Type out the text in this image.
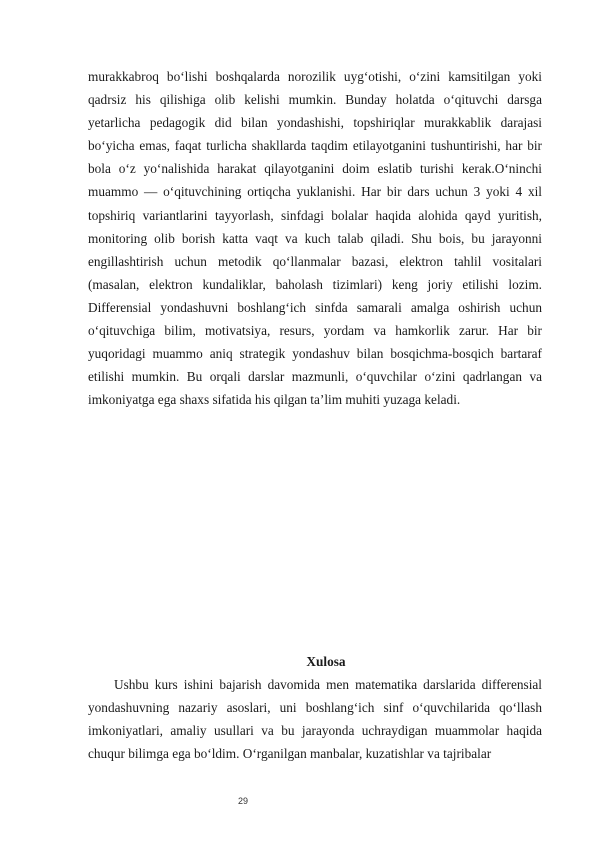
murakkabroq bo‘lishi boshqalarda norozilik uyg‘otishi, o‘zini kamsitilgan yoki qadrsiz his qilishiga olib kelishi mumkin. Bunday holatda o‘qituvchi darsga yetarlicha pedagogik did bilan yondashishi, topshiriqlar murakkablik darajasi bo‘yicha emas, faqat turlicha shakllarda taqdim etilayotganini tushuntirishi, har bir bola o‘z yo‘nalishida harakat qilayotganini doim eslatib turishi kerak.O‘ninchi muammo — o‘qituvchining ortiqcha yuklanishi. Har bir dars uchun 3 yoki 4 xil topshiriq variantlarini tayyorlash, sinfdagi bolalar haqida alohida qayd yuritish, monitoring olib borish katta vaqt va kuch talab qiladi. Shu bois, bu jarayonni engillashtirish uchun metodik qo‘llanmalar bazasi, elektron tahlil vositalari (masalan, elektron kundaliklar, baholash tizimlari) keng joriy etilishi lozim. Differensial yondashuvni boshlang‘ich sinfda samarali amalga oshirish uchun o‘qituvchiga bilim, motivatsiya, resurs, yordam va hamkorlik zarur. Har bir yuqoridagi muammo aniq strategik yondashuv bilan bosqichma-bosqich bartaraf etilishi mumkin. Bu orqali darslar mazmunli, o‘quvchilar o‘zini qadrlangan va imkoniyatga ega shaxs sifatida his qilgan ta’lim muhiti yuzaga keladi.

Xulosa

Ushbu kurs ishini bajarish davomida men matematika darslarida differensial yondashuvning nazariy asoslari, uni boshlang‘ich sinf o‘quvchilarida qo‘llash imkoniyatlari, amaliy usullari va bu jarayonda uchraydigan muammolar haqida chuqur bilimga ega bo‘ldim. O‘rganilgan manbalar, kuzatishlar va tajribalar

29
